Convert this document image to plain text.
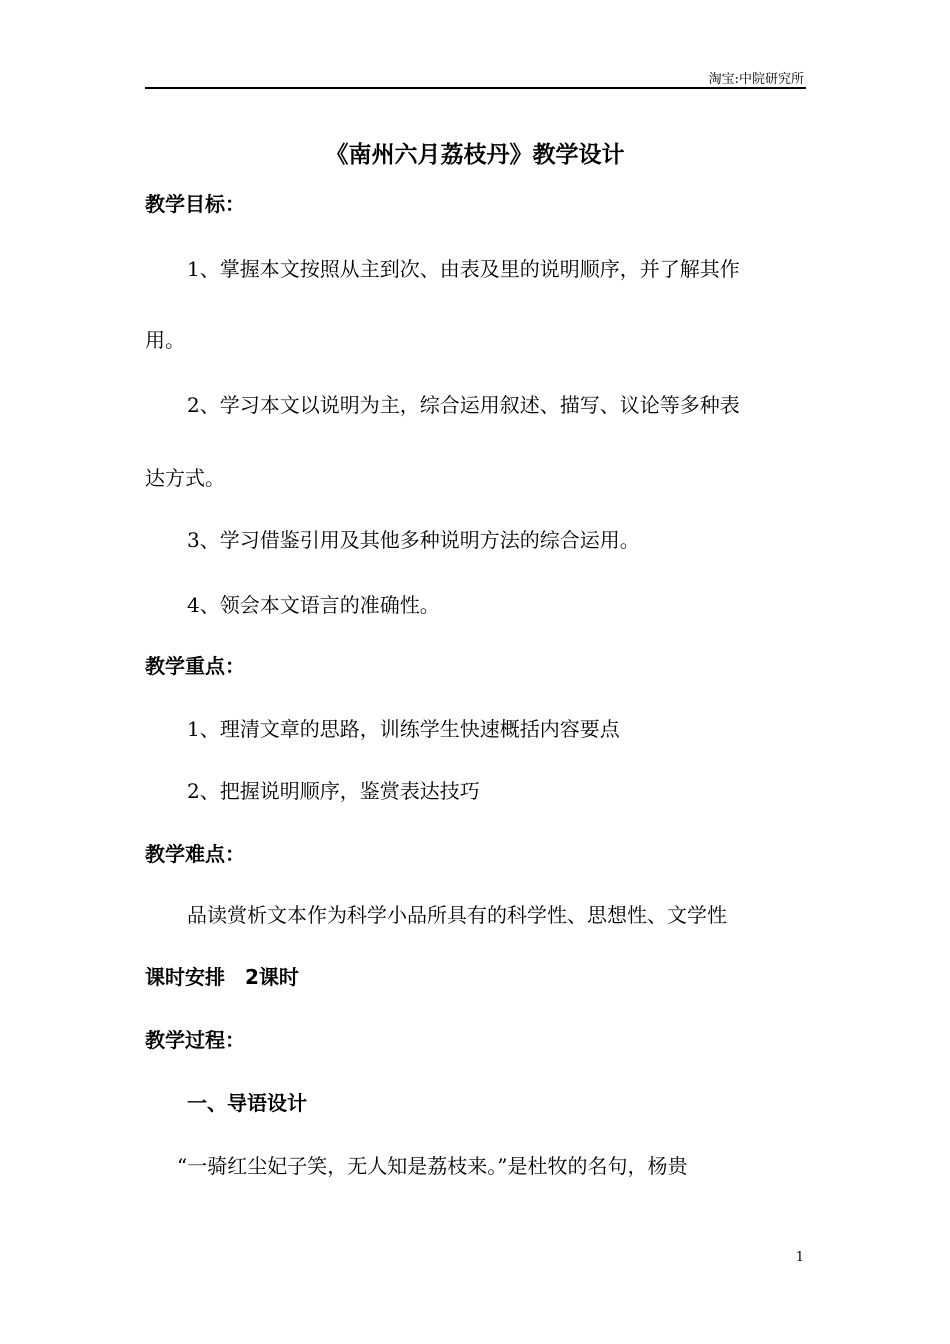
淘宝:中院研究所
《南州六月荔枝丹》教学设计
教学目标：
1、掌握本文按照从主到次、由表及里的说明顺序，并了解其作
用。
2、学习本文以说明为主，综合运用叙述、描写、议论等多种表
达方式。
3、学习借鉴引用及其他多种说明方法的综合运用。
4、领会本文语言的准确性。
教学重点：
1、理清文章的思路，训练学生快速概括内容要点
2、把握说明顺序，鉴赏表达技巧
教学难点：
品读赏析文本作为科学小品所具有的科学性、思想性、文学性
课时安排　2课时
教学过程：
一、导语设计
“一骑红尘妃子笑，无人知是荔枝来。”是杜牧的名句，杨贵
1
